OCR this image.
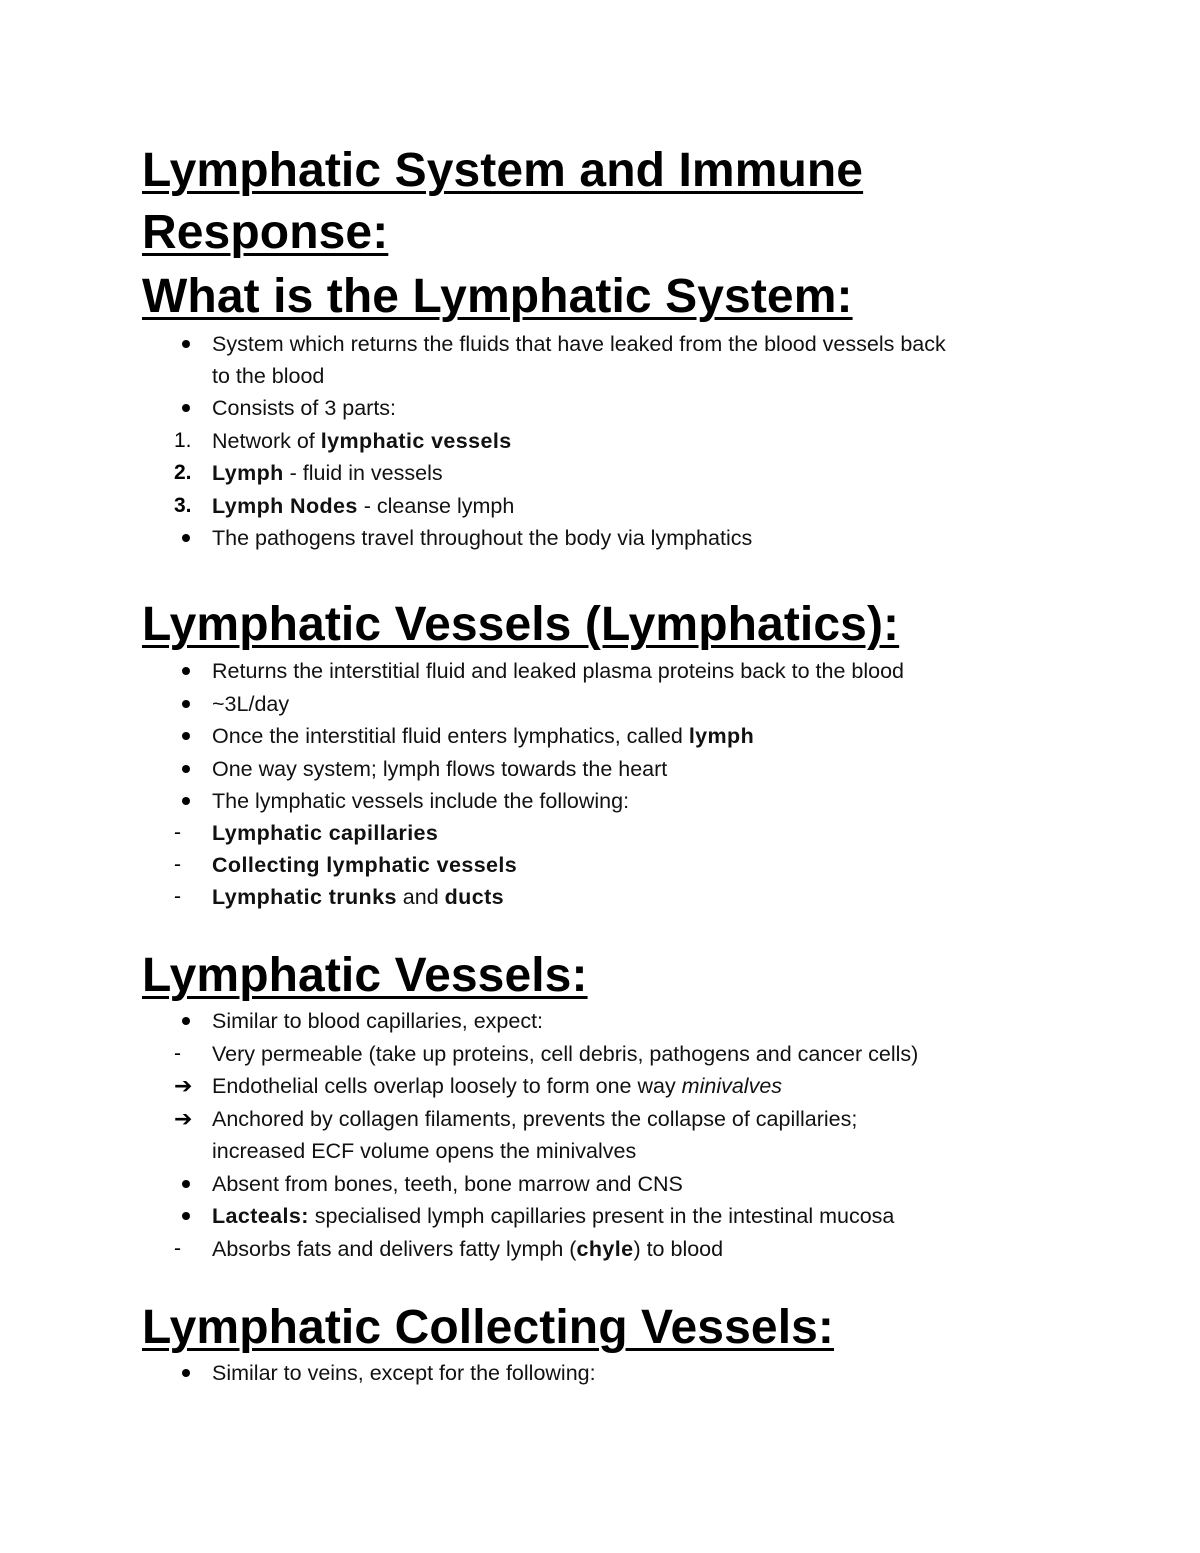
Lymphatic System and Immune
Response:
What is the Lymphatic System:
System which returns the fluids that have leaked from the blood vessels back
to the blood
Consists of 3 parts:
1. Network of lymphatic vessels
2. Lymph - fluid in vessels
3. Lymph Nodes - cleanse lymph
The pathogens travel throughout the body via lymphatics
Lymphatic Vessels (Lymphatics):
Returns the interstitial fluid and leaked plasma proteins back to the blood
~3L/day
Once the interstitial fluid enters lymphatics, called lymph
One way system; lymph flows towards the heart
The lymphatic vessels include the following:
-	Lymphatic capillaries
-	Collecting lymphatic vessels
-	Lymphatic trunks and ducts
Lymphatic Vessels:
Similar to blood capillaries, expect:
-	Very permeable (take up proteins, cell debris, pathogens and cancer cells)
➔ Endothelial cells overlap loosely to form one way minivalves
➔ Anchored by collagen filaments, prevents the collapse of capillaries;
increased ECF volume opens the minivalves
Absent from bones, teeth, bone marrow and CNS
Lacteals: specialised lymph capillaries present in the intestinal mucosa
-	Absorbs fats and delivers fatty lymph (chyle) to blood
Lymphatic Collecting Vessels:
Similar to veins, except for the following:
